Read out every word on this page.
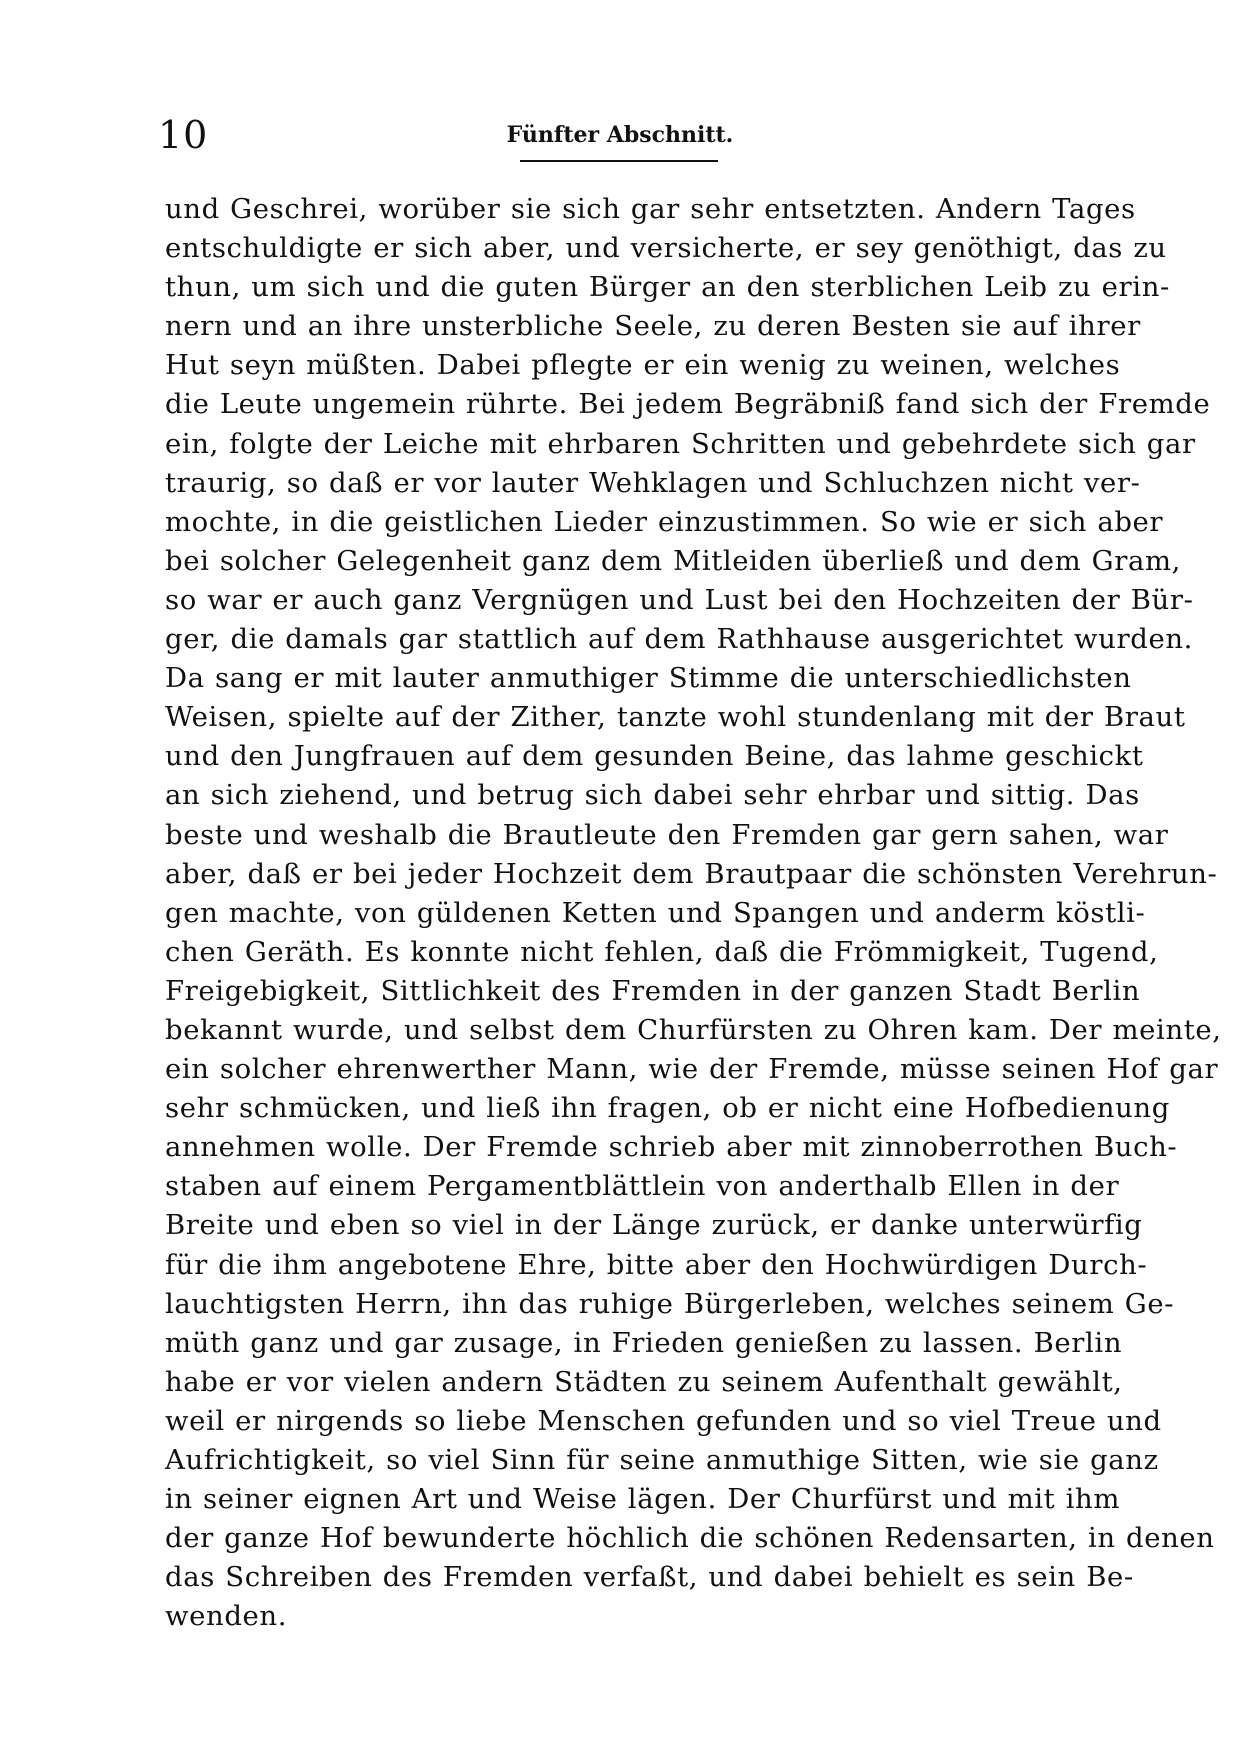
10	Fünfter Abschnitt.
und Geschrei, worüber sie sich gar sehr entsetzten. Andern Tages
entschuldigte er sich aber, und versicherte, er sey genöthigt, das zu
thun, um sich und die guten Bürger an den sterblichen Leib zu erin-
nern und an ihre unsterbliche Seele, zu deren Besten sie auf ihrer
Hut seyn müßten. Dabei pflegte er ein wenig zu weinen, welches
die Leute ungemein rührte. Bei jedem Begräbniß fand sich der Fremde
ein, folgte der Leiche mit ehrbaren Schritten und gebehrdete sich gar
traurig, so daß er vor lauter Wehklagen und Schluchzen nicht ver-
mochte, in die geistlichen Lieder einzustimmen. So wie er sich aber
bei solcher Gelegenheit ganz dem Mitleiden überließ und dem Gram,
so war er auch ganz Vergnügen und Lust bei den Hochzeiten der Bür-
ger, die damals gar stattlich auf dem Rathhause ausgerichtet wurden.
Da sang er mit lauter anmuthiger Stimme die unterschiedlichsten
Weisen, spielte auf der Zither, tanzte wohl stundenlang mit der Braut
und den Jungfrauen auf dem gesunden Beine, das lahme geschickt
an sich ziehend, und betrug sich dabei sehr ehrbar und sittig. Das
beste und weshalb die Brautleute den Fremden gar gern sahen, war
aber, daß er bei jeder Hochzeit dem Brautpaar die schönsten Verehrun-
gen machte, von güldenen Ketten und Spangen und anderm köstli-
chen Geräth. Es konnte nicht fehlen, daß die Frömmigkeit, Tugend,
Freigebigkeit, Sittlichkeit des Fremden in der ganzen Stadt Berlin
bekannt wurde, und selbst dem Churfürsten zu Ohren kam. Der meinte,
ein solcher ehrenwerther Mann, wie der Fremde, müsse seinen Hof gar
sehr schmücken, und ließ ihn fragen, ob er nicht eine Hofbedienung
annehmen wolle. Der Fremde schrieb aber mit zinnoberrothen Buch-
staben auf einem Pergamentblättlein von anderthalb Ellen in der
Breite und eben so viel in der Länge zurück, er danke unterwürfig
für die ihm angebotene Ehre, bitte aber den Hochwürdigen Durch-
lauchtigsten Herrn, ihn das ruhige Bürgerleben, welches seinem Ge-
müth ganz und gar zusage, in Frieden genießen zu lassen. Berlin
habe er vor vielen andern Städten zu seinem Aufenthalt gewählt,
weil er nirgends so liebe Menschen gefunden und so viel Treue und
Aufrichtigkeit, so viel Sinn für seine anmuthige Sitten, wie sie ganz
in seiner eignen Art und Weise lägen. Der Churfürst und mit ihm
der ganze Hof bewunderte höchlich die schönen Redensarten, in denen
das Schreiben des Fremden verfaßt, und dabei behielt es sein Be-
wenden.
